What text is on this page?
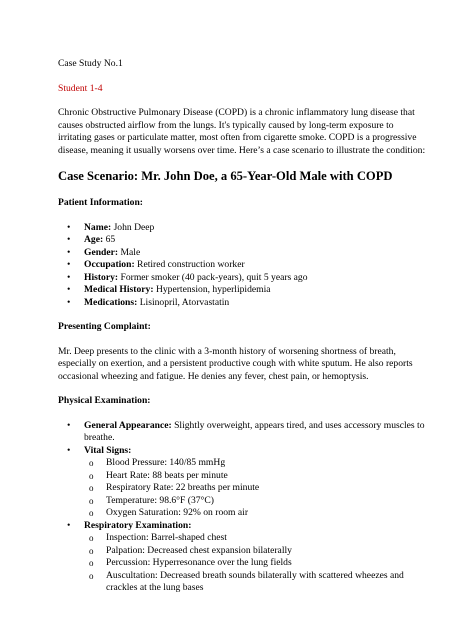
Case Study No.1

Student 1-4

Chronic Obstructive Pulmonary Disease (COPD) is a chronic inflammatory lung disease that causes obstructed airflow from the lungs. It's typically caused by long-term exposure to irritating gases or particulate matter, most often from cigarette smoke. COPD is a progressive disease, meaning it usually worsens over time. Here’s a case scenario to illustrate the condition:

Case Scenario: Mr. John Doe, a 65-Year-Old Male with COPD

Patient Information:

• Name: John Deep
• Age: 65
• Gender: Male
• Occupation: Retired construction worker
• History: Former smoker (40 pack-years), quit 5 years ago
• Medical History: Hypertension, hyperlipidemia
• Medications: Lisinopril, Atorvastatin

Presenting Complaint:

Mr. Deep presents to the clinic with a 3-month history of worsening shortness of breath, especially on exertion, and a persistent productive cough with white sputum. He also reports occasional wheezing and fatigue. He denies any fever, chest pain, or hemoptysis.

Physical Examination:

• General Appearance: Slightly overweight, appears tired, and uses accessory muscles to breathe.
• Vital Signs:
o Blood Pressure: 140/85 mmHg
o Heart Rate: 88 beats per minute
o Respiratory Rate: 22 breaths per minute
o Temperature: 98.6°F (37°C)
o Oxygen Saturation: 92% on room air
• Respiratory Examination:
o Inspection: Barrel-shaped chest
o Palpation: Decreased chest expansion bilaterally
o Percussion: Hyperresonance over the lung fields
o Auscultation: Decreased breath sounds bilaterally with scattered wheezes and crackles at the lung bases
